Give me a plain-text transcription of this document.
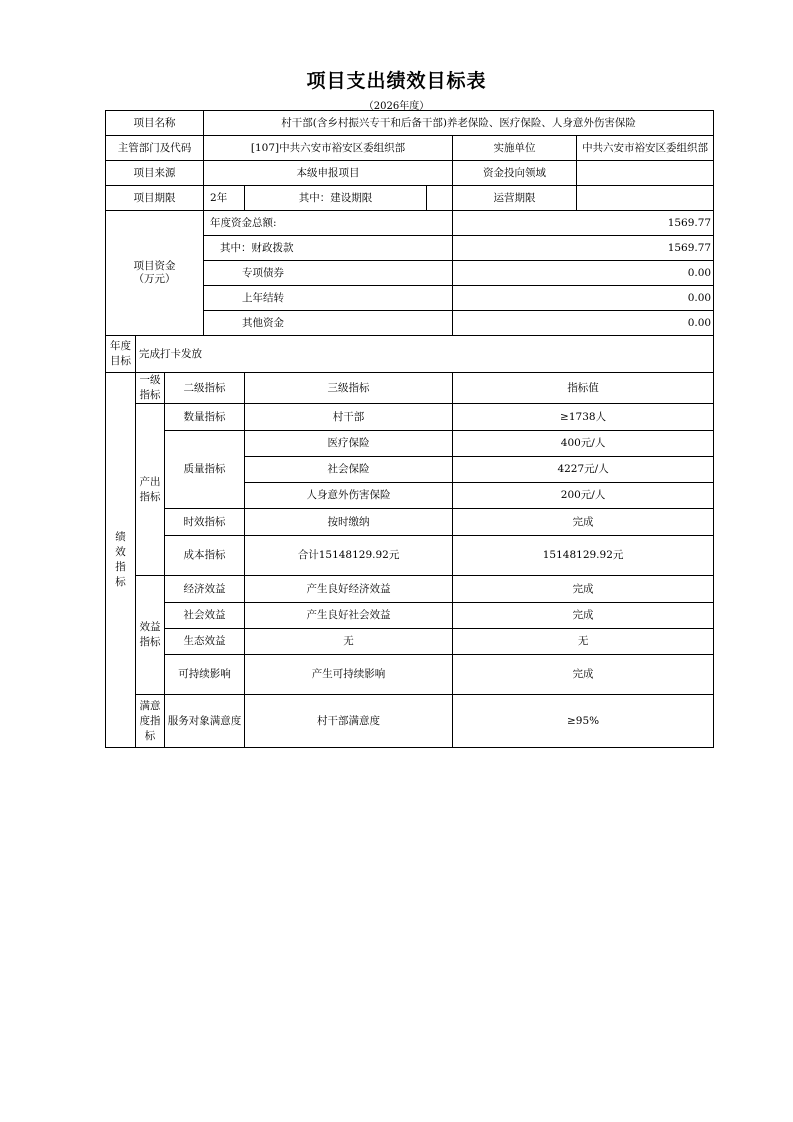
项目支出绩效目标表
（2026年度）
项目名称			村干部(含乡村振兴专干和后备干部)养老保险、医疗保险、人身意外伤害保险				
主管部门及代码			[107]中共六安市裕安区委组织部			实施单位	中共六安市裕安区委组织部
项目来源			本级申报项目			资金投向领域	
项目期限			2年	其中：建设期限		运营期限	

项目资金
（万元）			年度资金总额:			1569.77	
			其中：财政拨款			1569.77	
			专项债券			0.00	
			上年结转			0.00	
			其他资金			0.00	
年度目标	完成打卡发放						
绩效指标	一级指标	二级指标		三级指标		指标值	
	产出指标	数量指标		村干部		≥1738人	
		质量指标		医疗保险		400元/人	
				社会保险		4227元/人	
				人身意外伤害保险		200元/人	
		时效指标		按时缴纳		完成	
		成本指标		合计15148129.92元		15148129.92元	
	效益指标	经济效益		产生良好经济效益		完成	
		社会效益		产生良好社会效益		完成	
		生态效益		无		无	
		可持续影响		产生可持续影响		完成	
	满意度指标	服务对象满意度		村干部满意度		≥95%	
